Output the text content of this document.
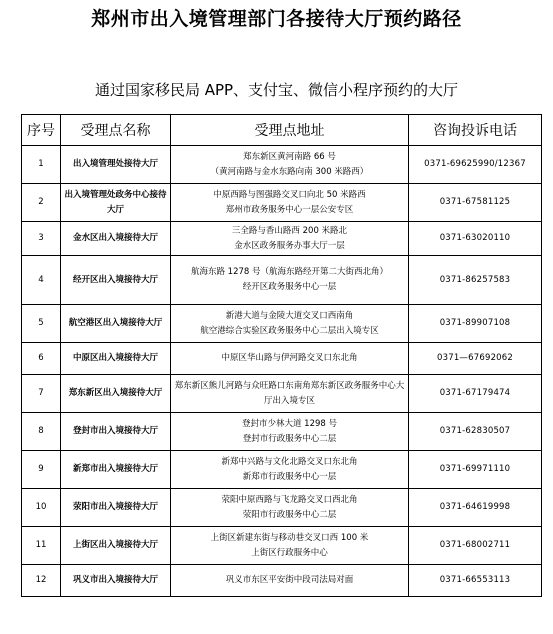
郑州市出入境管理部门各接待大厅预约路径
通过国家移民局 APP、支付宝、微信小程序预约的大厅
序号	受理点名称	受理点地址	咨询投诉电话
1	出入境管理处接待大厅	郑东新区黄河南路 66 号
（黄河南路与金水东路向南 300 米路西）	0371-69625990/12367
2	出入境管理处政务中心接待大厅	中原西路与图强路交叉口向北 50 米路西
郑州市政务服务中心一层公安专区	0371-67581125
3	金水区出入境接待大厅	三全路与香山路西 200 米路北
金水区政务服务办事大厅一层	0371-63020110
4	经开区出入境接待大厅	航海东路 1278 号（航海东路经开第二大街西北角）
经开区政务服务中心一层	0371-86257583
5	航空港区出入境接待大厅	新港大道与金陵大道交叉口西南角
航空港综合实验区政务服务中心二层出入境专区	0371-89907108
6	中原区出入境接待大厅	中原区华山路与伊河路交叉口东北角	0371—67692062
7	郑东新区出入境接待大厅	郑东新区熊儿河路与众旺路口东南角郑东新区政务服务中心大厅出入境专区	0371-67179474
8	登封市出入境接待大厅	登封市少林大道 1298 号
登封市行政服务中心二层	0371-62830507
9	新郑市出入境接待大厅	新郑中兴路与文化北路交叉口东北角
新郑市行政服务中心一层	0371-69971110
10	荥阳市出入境接待大厅	荥阳中原西路与飞龙路交叉口西北角
荥阳市行政服务中心二层	0371-64619998
11	上街区出入境接待大厅	上街区新建东街与移动巷交叉口西 100 米
上街区行政服务中心	0371-68002711
12	巩义市出入境接待大厅	巩义市东区平安街中段司法局对面	0371-66553113
